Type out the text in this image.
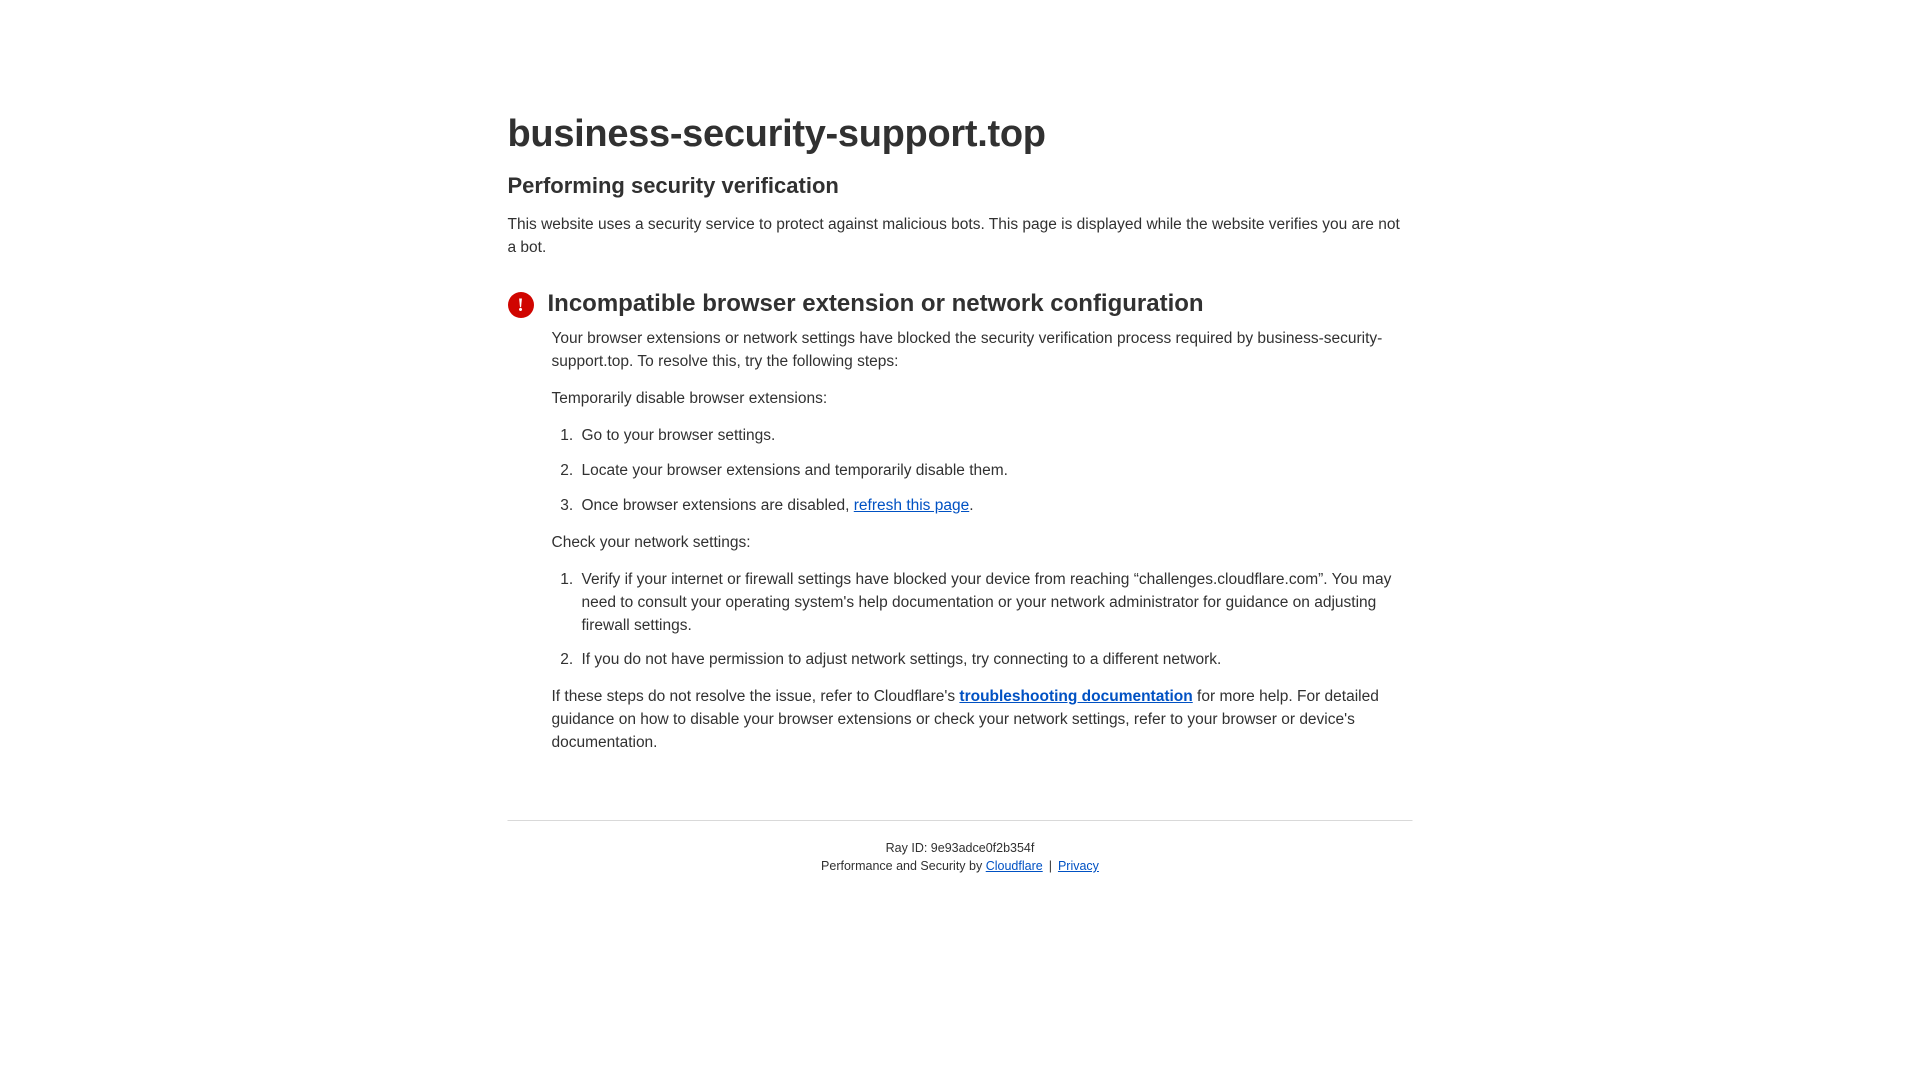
business-security-support.top
Performing security verification

This website uses a security service to protect against malicious bots. This page is displayed while the website verifies you are not a bot.

! Incompatible browser extension or network configuration

Your browser extensions or network settings have blocked the security verification process required by business-security-support.top. To resolve this, try the following steps:

Temporarily disable browser extensions:

1. Go to your browser settings.
2. Locate your browser extensions and temporarily disable them.
3. Once browser extensions are disabled, refresh this page.

Check your network settings:

1. Verify if your internet or firewall settings have blocked your device from reaching “challenges.cloudflare.com”. You may need to consult your operating system's help documentation or your network administrator for guidance on adjusting firewall settings.
2. If you do not have permission to adjust network settings, try connecting to a different network.

If these steps do not resolve the issue, refer to Cloudflare's troubleshooting documentation for more help. For detailed guidance on how to disable your browser extensions or check your network settings, refer to your browser or device's documentation.

Ray ID: 9e93adce0f2b354f
Performance and Security by Cloudflare | Privacy
